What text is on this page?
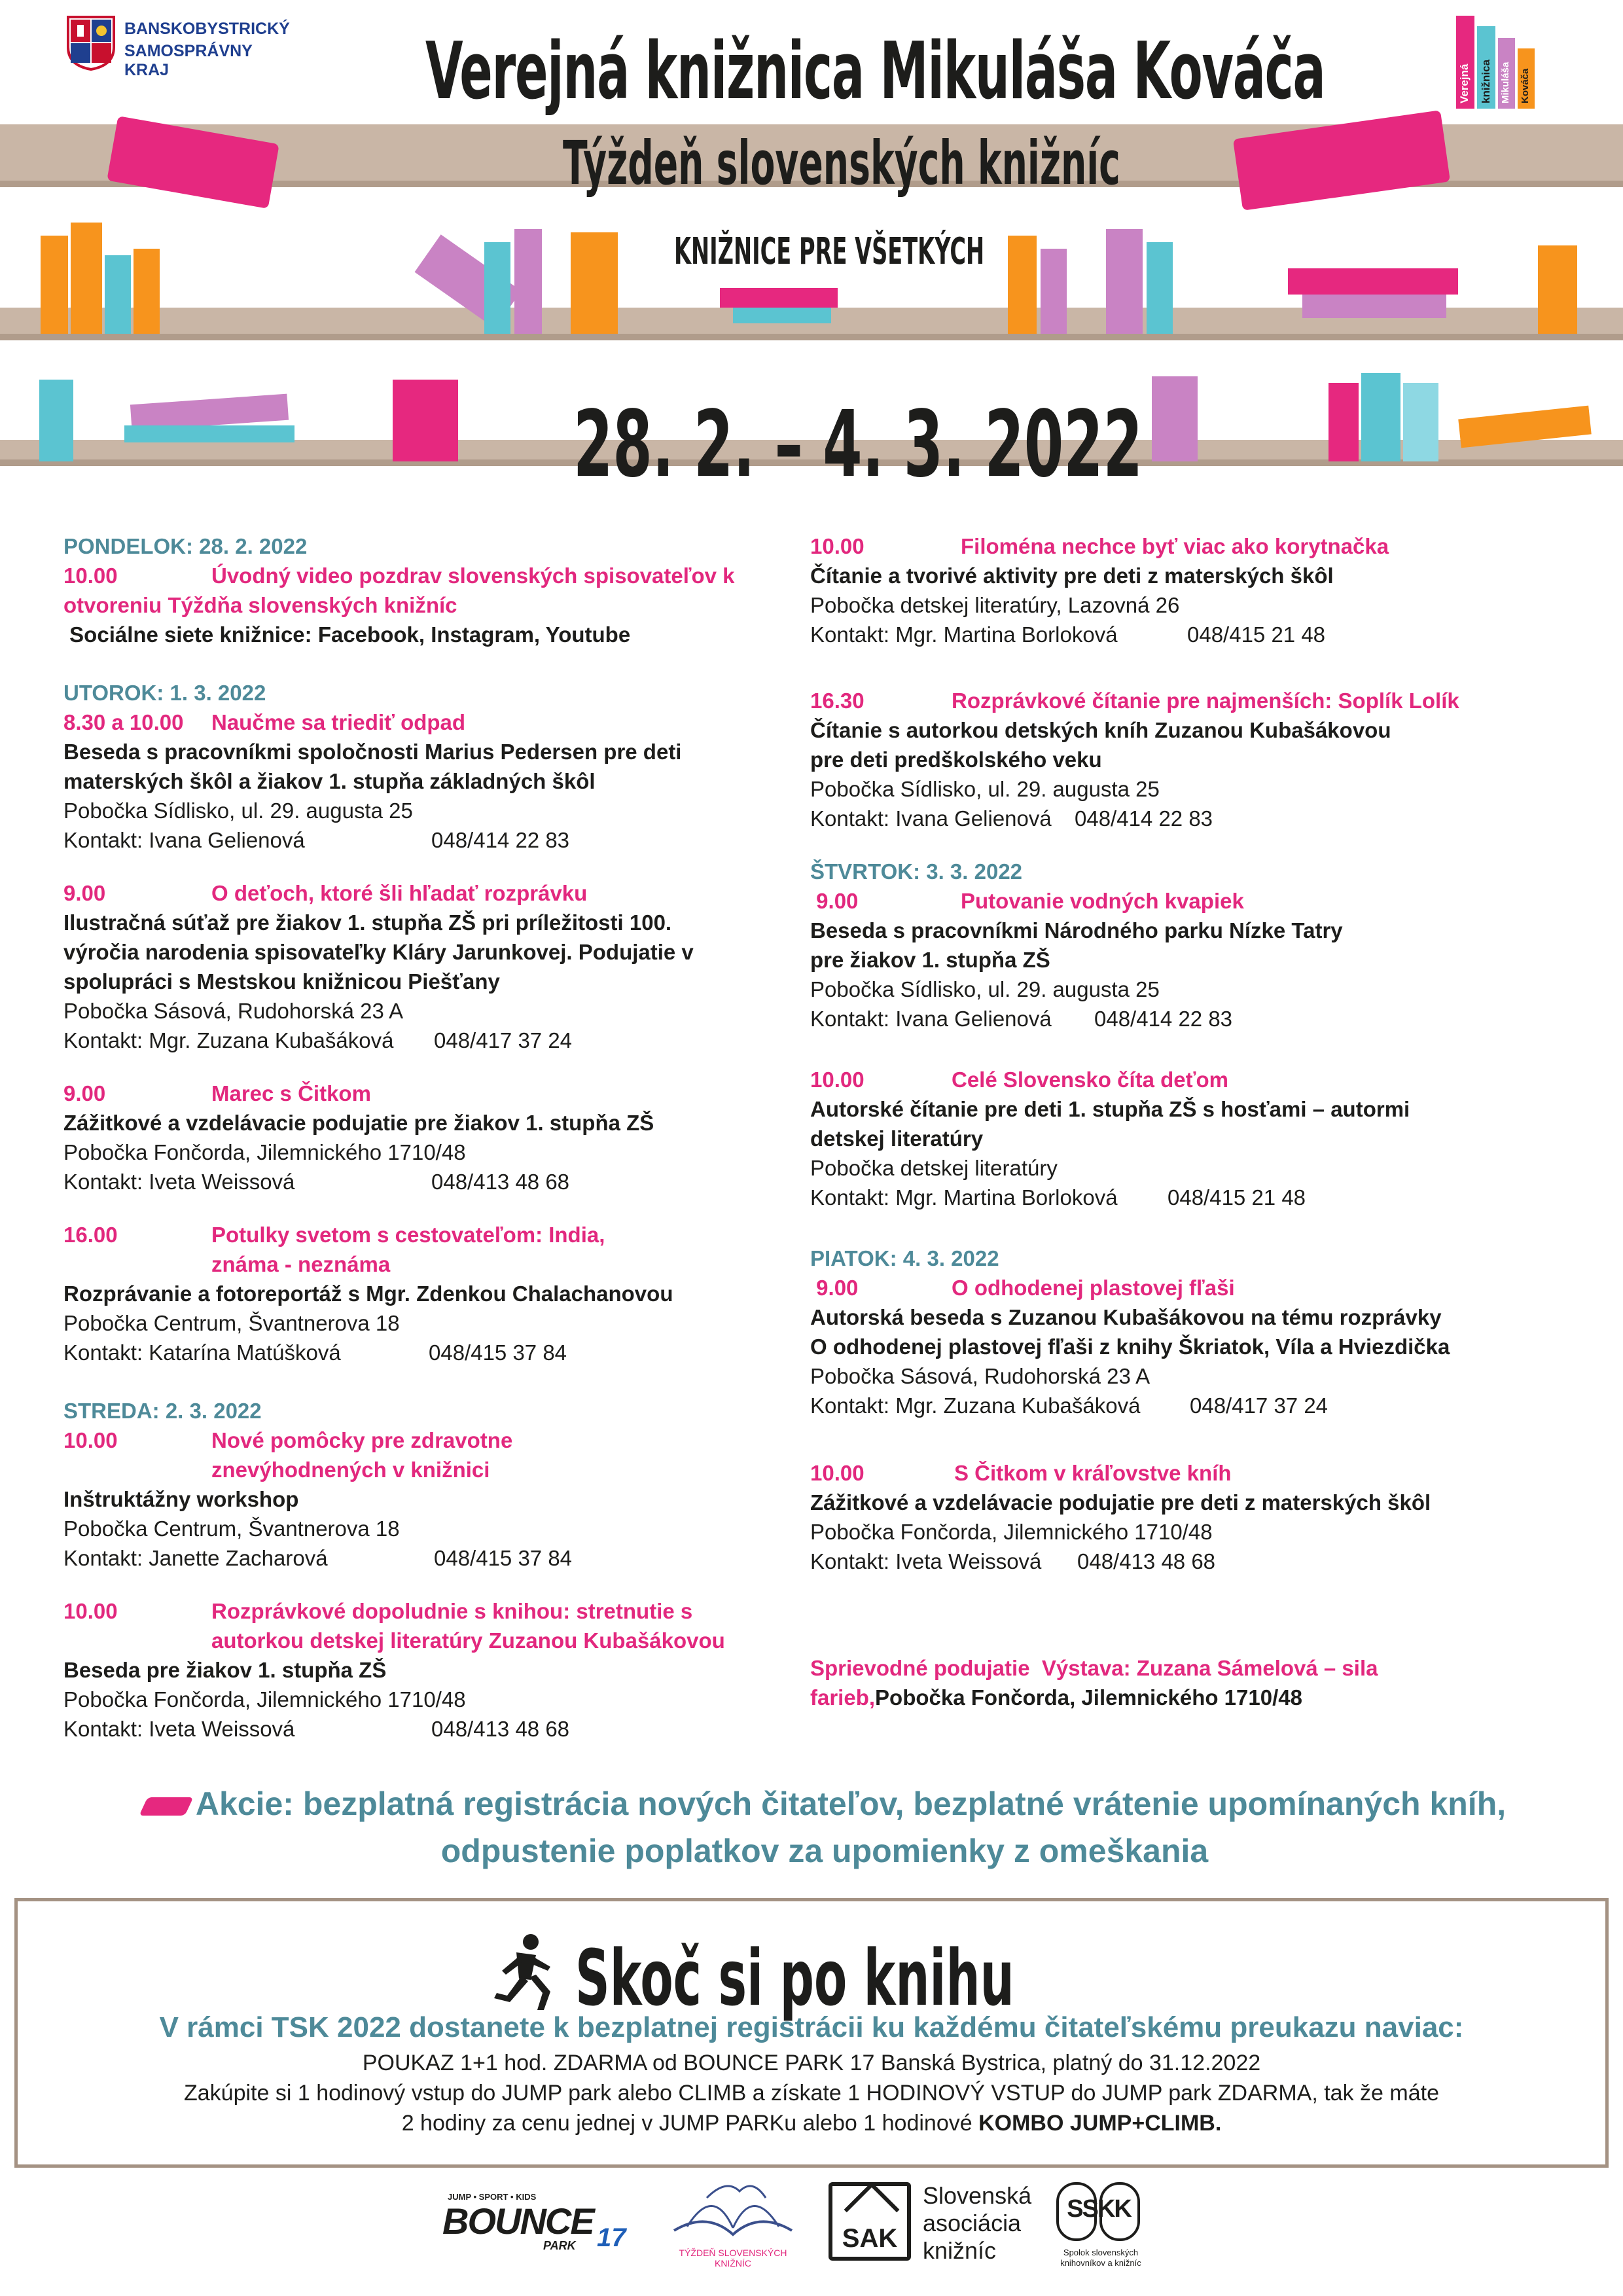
BANSKOBYSTRICKÝ
SAMOSPRÁVNY KRAJ	Verejná knižnica Mikuláša Kováča
Verejná knižnica Mikuláša Kováča
Týždeň slovenských knižníc
KNIŽNICE PRE VŠETKÝCH
28. 2. – 4. 3. 2022
PONDELOK: 28. 2. 2022
10.00	Úvodný video pozdrav slovenských spisovateľov k
otvoreniu Týždňa slovenských knižníc
Sociálne siete knižnice: Facebook, Instagram, Youtube
UTOROK: 1. 3. 2022
8.30 a 10.00	Naučme sa triediť odpad
Beseda s pracovníkmi spoločnosti Marius Pedersen pre deti
materských škôl a žiakov 1. stupňa základných škôl
Pobočka Sídlisko, ul. 29. augusta 25
Kontakt: Ivana Gelienová	048/414 22 83
9.00	O deťoch, ktoré šli hľadať rozprávku
Ilustračná súťaž pre žiakov 1. stupňa ZŠ pri príležitosti 100.
výročia narodenia spisovateľky Kláry Jarunkovej. Podujatie v
spolupráci s Mestskou knižnicou Piešťany
Pobočka Sásová, Rudohorská 23 A
Kontakt: Mgr. Zuzana Kubašáková	048/417 37 24
9.00	Marec s Čitkom
Zážitkové a vzdelávacie podujatie pre žiakov 1. stupňa ZŠ
Pobočka Fončorda, Jilemnického 1710/48
Kontakt: Iveta Weissová	048/413 48 68
16.00	Potulky svetom s cestovateľom: India,
známa - neznáma
Rozprávanie a fotoreportáž s Mgr. Zdenkou Chalachanovou
Pobočka Centrum, Švantnerova 18
Kontakt: Katarína Matúšková	048/415 37 84
STREDA: 2. 3. 2022
10.00	Nové pomôcky pre zdravotne
znevýhodnených v knižnici
Inštruktážny workshop
Pobočka Centrum, Švantnerova 18
Kontakt: Janette Zacharová	048/415 37 84
10.00	Rozprávkové dopoludnie s knihou: stretnutie s
autorkou detskej literatúry Zuzanou Kubašákovou
Beseda pre žiakov 1. stupňa ZŠ
Pobočka Fončorda, Jilemnického 1710/48
Kontakt: Iveta Weissová	048/413 48 68
10.00	Filoména nechce byť viac ako korytnačka
Čítanie a tvorivé aktivity pre deti z materských škôl
Pobočka detskej literatúry, Lazovná 26
Kontakt: Mgr. Martina Borloková	048/415 21 48
16.30	Rozprávkové čítanie pre najmenších: Soplík Lolík
Čítanie s autorkou detských kníh Zuzanou Kubašákovou
pre deti predškolského veku
Pobočka Sídlisko, ul. 29. augusta 25
Kontakt: Ivana Gelienová	048/414 22 83
ŠTVRTOK: 3. 3. 2022
9.00	Putovanie vodných kvapiek
Beseda s pracovníkmi Národného parku Nízke Tatry
pre žiakov 1. stupňa ZŠ
Pobočka Sídlisko, ul. 29. augusta 25
Kontakt: Ivana Gelienová	048/414 22 83
10.00	Celé Slovensko číta deťom
Autorské čítanie pre deti 1. stupňa ZŠ s hosťami – autormi
detskej literatúry
Pobočka detskej literatúry
Kontakt: Mgr. Martina Borloková	048/415 21 48
PIATOK: 4. 3. 2022
9.00	O odhodenej plastovej fľaši
Autorská beseda s Zuzanou Kubašákovou na tému rozprávky
O odhodenej plastovej fľaši z knihy Škriatok, Víla a Hviezdička
Pobočka Sásová, Rudohorská 23 A
Kontakt: Mgr. Zuzana Kubašáková	048/417 37 24
10.00	S Čitkom v kráľovstve kníh
Zážitkové a vzdelávacie podujatie pre deti z materských škôl
Pobočka Fončorda, Jilemnického 1710/48
Kontakt: Iveta Weissová	048/413 48 68
Sprievodné podujatie  Výstava: Zuzana Sámelová – sila
farieb,Pobočka Fončorda, Jilemnického 1710/48
Akcie: bezplatná registrácia nových čitateľov, bezplatné vrátenie upomínaných kníh,
odpustenie poplatkov za upomienky z omeškania
Skoč si po knihu
V rámci TSK 2022 dostanete k bezplatnej registrácii ku každému čitateľskému preukazu naviac:
POUKAZ 1+1 hod. ZDARMA od BOUNCE PARK 17 Banská Bystrica, platný do 31.12.2022
Zakúpite si 1 hodinový vstup do JUMP park alebo CLIMB a získate 1 HODINOVÝ VSTUP do JUMP park ZDARMA, tak že máte
2 hodiny za cenu jednej v JUMP PARKu alebo 1 hodinové KOMBO JUMP+CLIMB.
JUMP • SPORT • KIDS
BOUNCE
PARK 17
TÝŽDEŇ SLOVENSKÝCH KNIŽNÍC
SAK
Slovenská
asociácia
knižníc
SSKK
Spolok slovenských knihovníkov a knižníc
